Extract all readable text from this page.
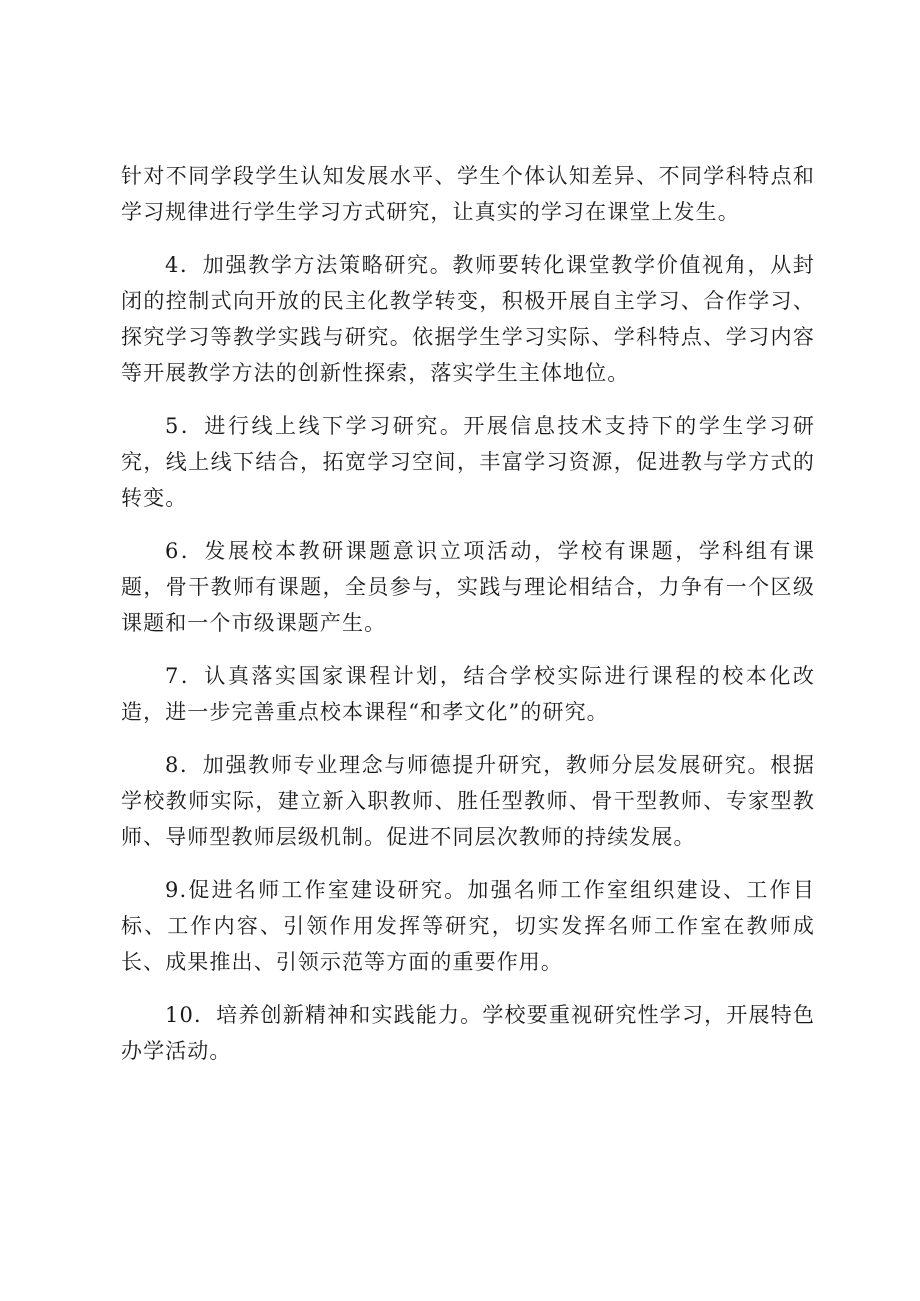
针对不同学段学生认知发展水平、学生个体认知差异、不同学科特点和学习规律进行学生学习方式研究，让真实的学习在课堂上发生。

4．加强教学方法策略研究。教师要转化课堂教学价值视角，从封闭的控制式向开放的民主化教学转变，积极开展自主学习、合作学习、探究学习等教学实践与研究。依据学生学习实际、学科特点、学习内容等开展教学方法的创新性探索，落实学生主体地位。

5．进行线上线下学习研究。开展信息技术支持下的学生学习研究，线上线下结合，拓宽学习空间，丰富学习资源，促进教与学方式的转变。

6．发展校本教研课题意识立项活动，学校有课题，学科组有课题，骨干教师有课题，全员参与，实践与理论相结合，力争有一个区级课题和一个市级课题产生。

7．认真落实国家课程计划，结合学校实际进行课程的校本化改造，进一步完善重点校本课程“和孝文化”的研究。

8．加强教师专业理念与师德提升研究，教师分层发展研究。根据学校教师实际，建立新入职教师、胜任型教师、骨干型教师、专家型教师、导师型教师层级机制。促进不同层次教师的持续发展。

9.促进名师工作室建设研究。加强名师工作室组织建设、工作目标、工作内容、引领作用发挥等研究，切实发挥名师工作室在教师成长、成果推出、引领示范等方面的重要作用。

10．培养创新精神和实践能力。学校要重视研究性学习，开展特色办学活动。
